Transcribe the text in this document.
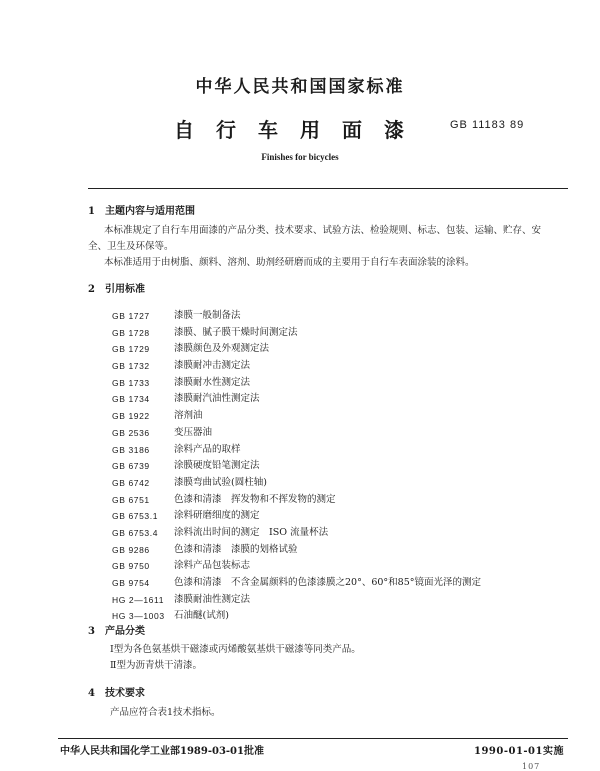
中华人民共和国国家标准
自行车用面漆	GB 11183 89
Finishes for bicycles
1　主题内容与适用范围
本标准规定了自行车用面漆的产品分类、技术要求、试验方法、检验规则、标志、包装、运输、贮存、安
全、卫生及环保等。
本标准适用于由树脂、颜料、溶剂、助剂经研磨而成的主要用于自行车表面涂装的涂料。
2　引用标准
GB 1727	漆膜一般制备法
GB 1728	漆膜、腻子膜干燥时间测定法
GB 1729	漆膜颜色及外观测定法
GB 1732	漆膜耐冲击测定法
GB 1733	漆膜耐水性测定法
GB 1734	漆膜耐汽油性测定法
GB 1922	溶剂油
GB 2536	变压器油
GB 3186	涂料产品的取样
GB 6739	涂膜硬度铅笔测定法
GB 6742	漆膜弯曲试验(圆柱轴)
GB 6751	色漆和清漆　挥发物和不挥发物的测定
GB 6753.1	涂料研磨细度的测定
GB 6753.4	涂料流出时间的测定　ISO 流量杯法
GB 9286	色漆和清漆　漆膜的划格试验
GB 9750	涂料产品包装标志
GB 9754	色漆和清漆　不含金属颜料的色漆漆膜之20°、60°和85°镜面光泽的测定
HG 2—1611	漆膜耐油性测定法
HG 3—1003 石油醚(试剂)
3　产品分类
Ⅰ型为各色氨基烘干磁漆或丙烯酸氨基烘干磁漆等同类产品。
Ⅱ型为沥青烘干清漆。
4　技术要求
产品应符合表1技术指标。
中华人民共和国化学工业部1989-03-01批准	1990-01-01实施
107
